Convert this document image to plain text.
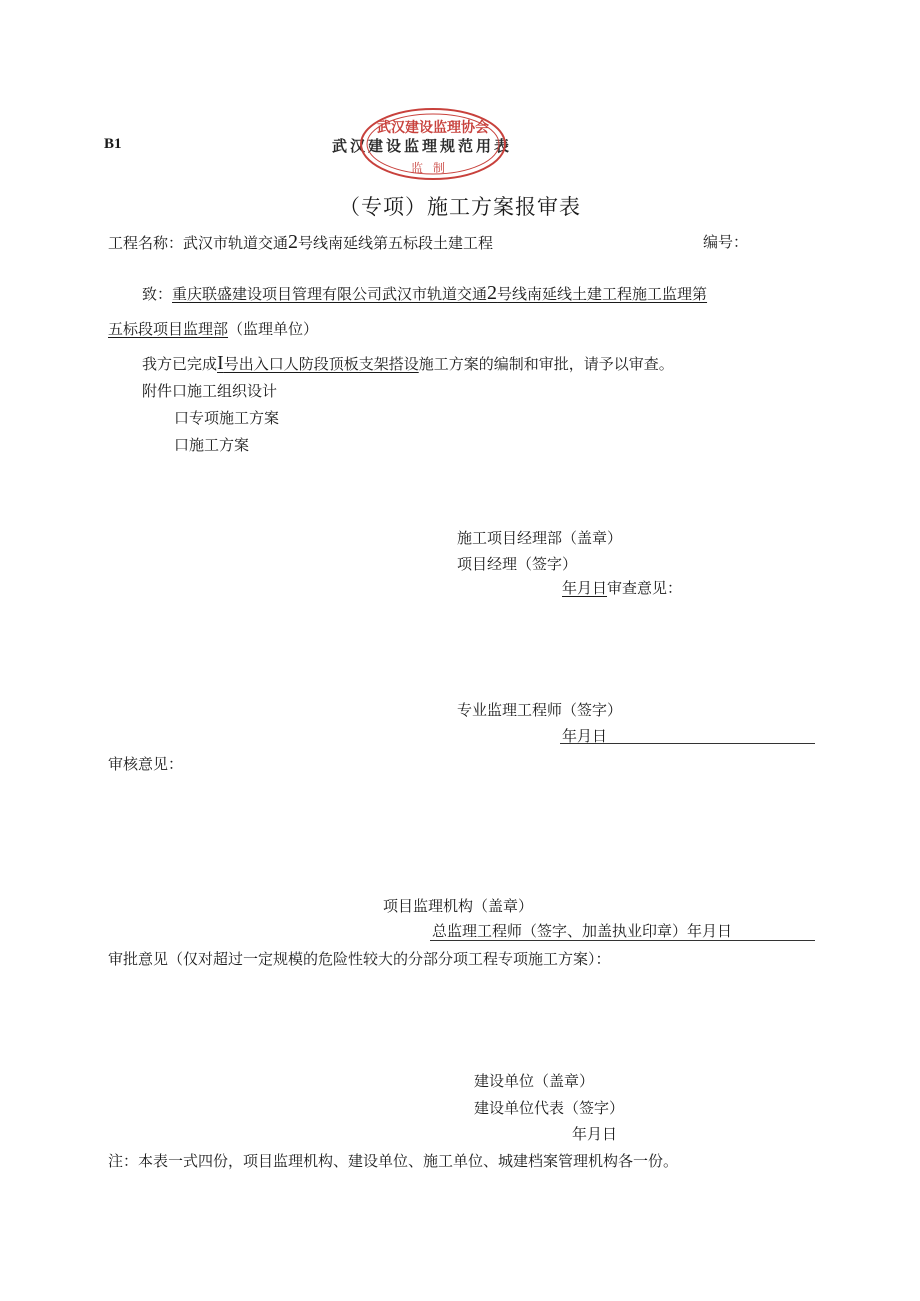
B1	武汉建设监理规范用表
武汉建设监理协会
监制
（专项）施工方案报审表
工程名称：武汉市轨道交通2号线南延线第五标段土建工程	编号：
致：重庆联盛建设项目管理有限公司武汉市轨道交通2号线南延线土建工程施工监理第
五标段项目监理部（监理单位）
我方已完成I号出入口人防段顶板支架搭设施工方案的编制和审批，请予以审查。
附件口施工组织设计
口专项施工方案
口施工方案
施工项目经理部（盖章）
项目经理（签字）
年月日审查意见：
专业监理工程师（签字）
年月日
审核意见：
项目监理机构（盖章）
总监理工程师（签字、加盖执业印章）年月日
审批意见（仅对超过一定规模的危险性较大的分部分项工程专项施工方案）：
建设单位（盖章）
建设单位代表（签字）
年月日
注：本表一式四份，项目监理机构、建设单位、施工单位、城建档案管理机构各一份。
